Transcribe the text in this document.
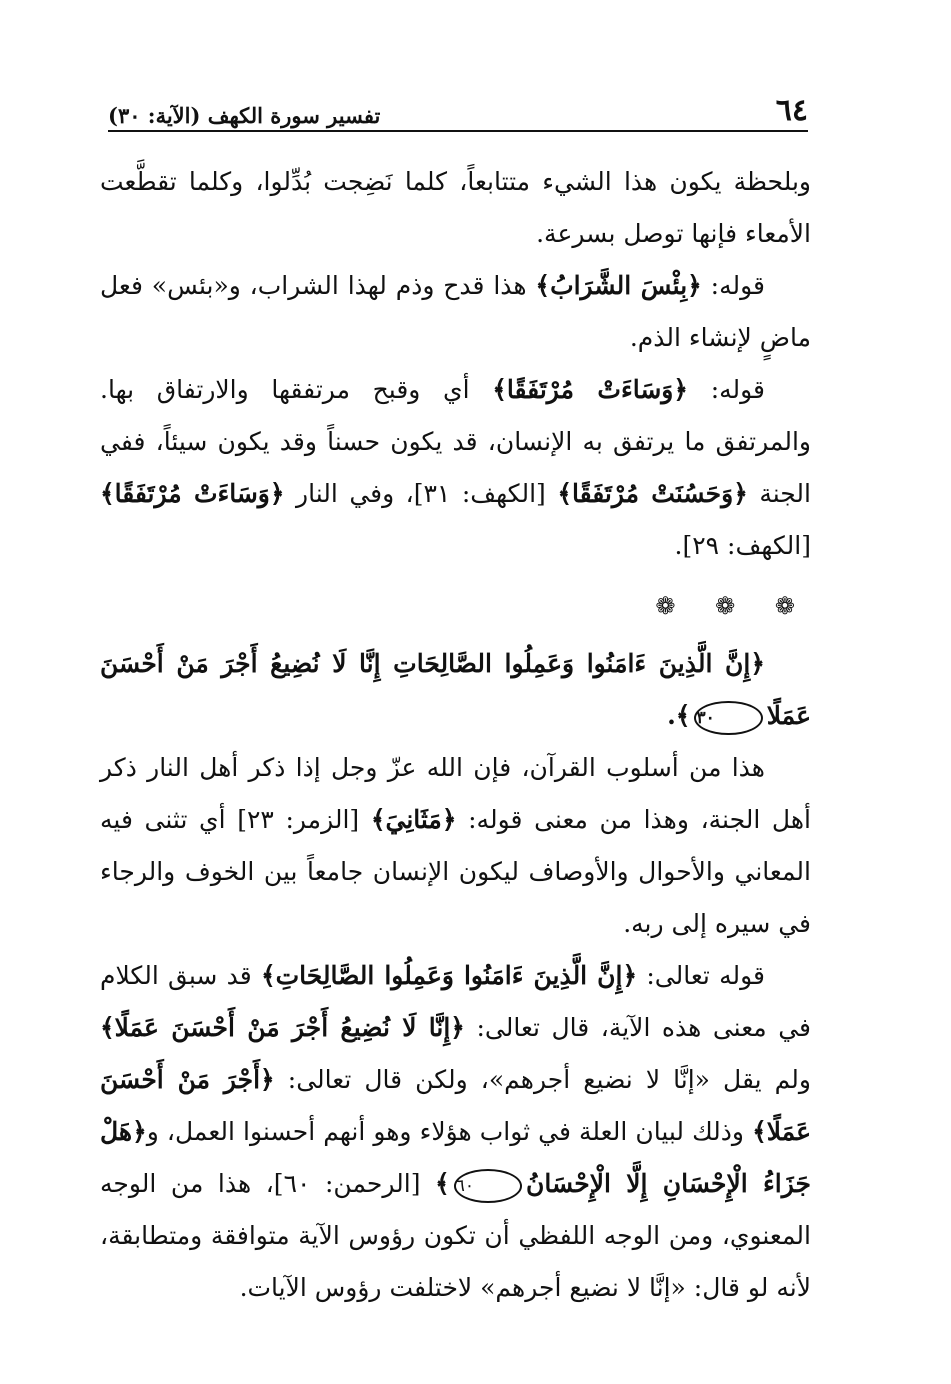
٦٤
تفسير سورة الكهف (الآية: ٣٠)

وبلحظة يكون هذا الشيء متتابعاً، كلما نَضِجت بُدِّلوا، وكلما تقطَّعت الأمعاء فإنها توصل بسرعة.

قوله: ﴿بِئْسَ الشَّرَابُ﴾ هذا قدح وذم لهذا الشراب، و«بئس» فعل ماضٍ لإنشاء الذم.

قوله: ﴿وَسَاءَتْ مُرْتَفَقًا﴾ أي وقبح مرتفقها والارتفاق بها. والمرتفق ما يرتفق به الإنسان، قد يكون حسناً وقد يكون سيئاً، ففي الجنة ﴿وَحَسُنَتْ مُرْتَفَقًا﴾ [الكهف: ٣١]، وفي النار ﴿وَسَاءَتْ مُرْتَفَقًا﴾ [الكهف: ٢٩].

❁ ❁ ❁

﴿إِنَّ الَّذِينَ ءَامَنُوا وَعَمِلُوا الصَّالِحَاتِ إِنَّا لَا نُضِيعُ أَجْرَ مَنْ أَحْسَنَ عَمَلًا٣٠﴾.

هذا من أسلوب القرآن، فإن الله عزّ وجل إذا ذكر أهل النار ذكر أهل الجنة، وهذا من معنى قوله: ﴿مَثَانِيَ﴾ [الزمر: ٢٣] أي تثنى فيه المعاني والأحوال والأوصاف ليكون الإنسان جامعاً بين الخوف والرجاء في سيره إلى ربه.

قوله تعالى: ﴿إِنَّ الَّذِينَ ءَامَنُوا وَعَمِلُوا الصَّالِحَاتِ﴾ قد سبق الكلام في معنى هذه الآية، قال تعالى: ﴿إِنَّا لَا نُضِيعُ أَجْرَ مَنْ أَحْسَنَ عَمَلًا﴾ ولم يقل «إنَّا لا نضيع أجرهم»، ولكن قال تعالى: ﴿أَجْرَ مَنْ أَحْسَنَ عَمَلًا﴾ وذلك لبيان العلة في ثواب هؤلاء وهو أنهم أحسنوا العمل، و﴿هَلْ جَزَاءُ الْإِحْسَانِ إِلَّا الْإِحْسَانُ٦٠﴾ [الرحمن: ٦٠]، هذا من الوجه المعنوي، ومن الوجه اللفظي أن تكون رؤوس الآية متوافقة ومتطابقة، لأنه لو قال: «إنَّا لا نضيع أجرهم» لاختلفت رؤوس الآيات.
